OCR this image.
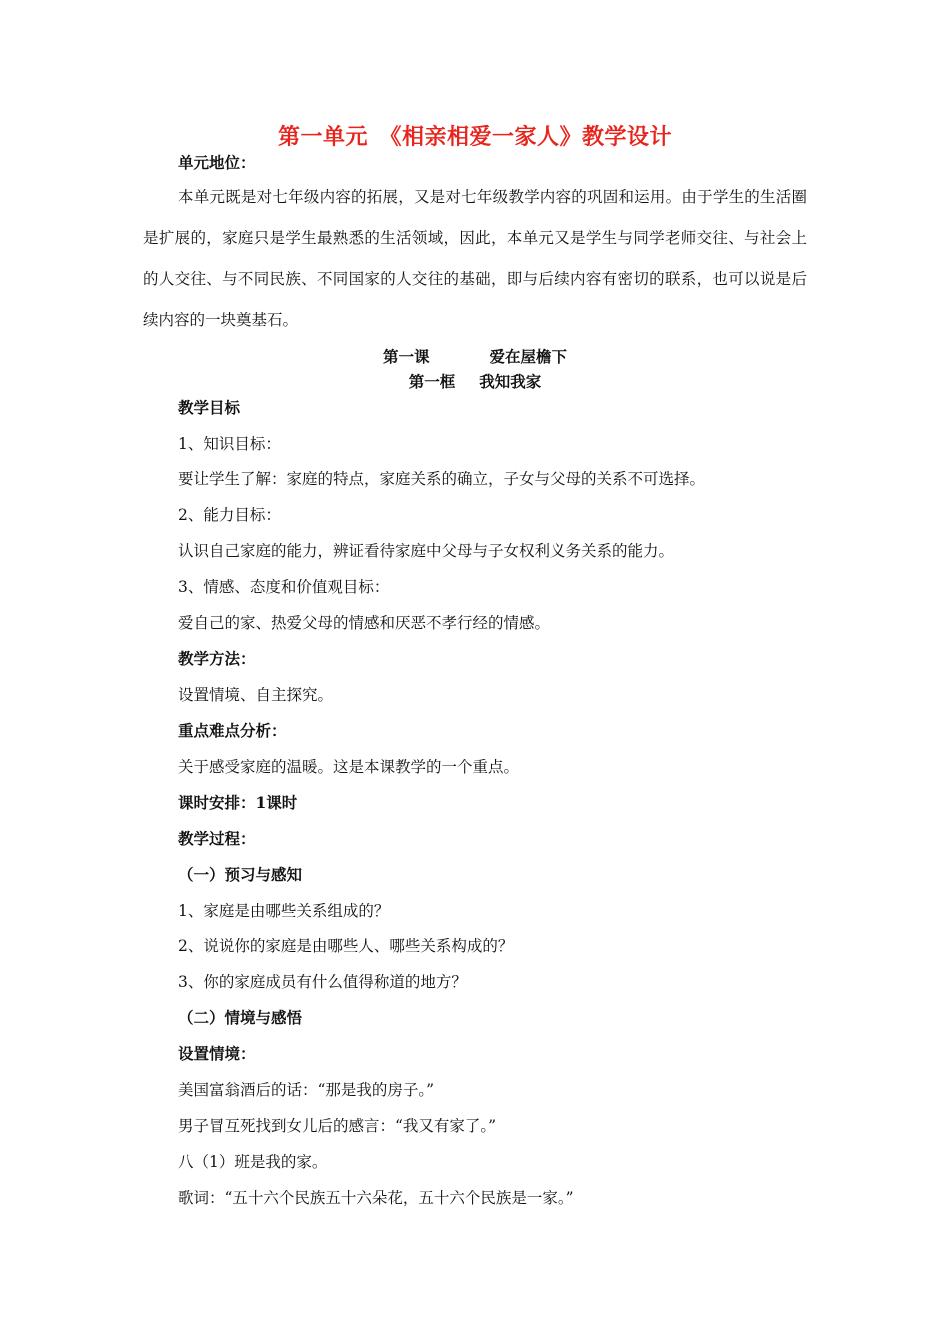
第一单元　《相亲相爱一家人》教学设计
单元地位：
本单元既是对七年级内容的拓展，又是对七年级教学内容的巩固和运用。由于学生的生活圈是扩展的，家庭只是学生最熟悉的生活领域，因此，本单元又是学生与同学老师交往、与社会上的人交往、与不同民族、不同国家的人交往的基础，即与后续内容有密切的联系，也可以说是后续内容的一块奠基石。
第一课	爱在屋檐下
第一框 我知我家
教学目标
1、知识目标：
要让学生了解：家庭的特点，家庭关系的确立，子女与父母的关系不可选择。
2、能力目标：
认识自己家庭的能力，辨证看待家庭中父母与子女权利义务关系的能力。
3、情感、态度和价值观目标：
爱自己的家、热爱父母的情感和厌恶不孝行经的情感。
教学方法：
设置情境、自主探究。
重点难点分析：
关于感受家庭的温暖。这是本课教学的一个重点。
课时安排：1课时
教学过程：
（一）预习与感知
1、家庭是由哪些关系组成的？
2、说说你的家庭是由哪些人、哪些关系构成的？
3、你的家庭成员有什么值得称道的地方？
（二）情境与感悟
设置情境：
美国富翁酒后的话：“那是我的房子。”
男子冒互死找到女儿后的感言：“我又有家了。”
八（1）班是我的家。
歌词：“五十六个民族五十六朵花，五十六个民族是一家。”
